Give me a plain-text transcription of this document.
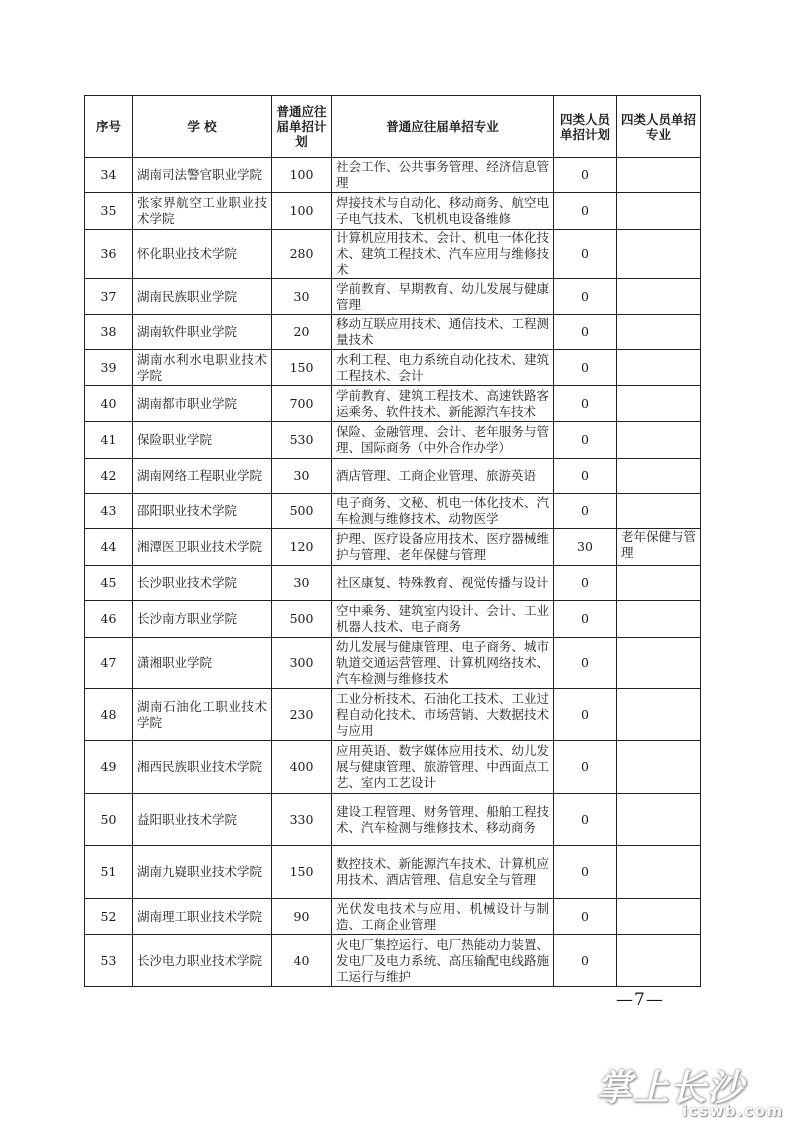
序号	学 校	普通应往届单招计划	普通应往届单招专业	四类人员单招计划	四类人员单招专业
34	湖南司法警官职业学院	100	社会工作、公共事务管理、经济信息管理	0	
35	张家界航空工业职业技术学院	100	焊接技术与自动化、移动商务、航空电子电气技术、飞机机电设备维修	0	
36	怀化职业技术学院	280	计算机应用技术、会计、机电一体化技术、建筑工程技术、汽车应用与维修技术	0	
37	湖南民族职业学院	30	学前教育、早期教育、幼儿发展与健康管理	0	
38	湖南软件职业学院	20	移动互联应用技术、通信技术、工程测量技术	0	
39	湖南水利水电职业技术学院	150	水利工程、电力系统自动化技术、建筑工程技术、会计	0	
40	湖南都市职业学院	700	学前教育、建筑工程技术、高速铁路客运乘务、软件技术、新能源汽车技术	0	
41	保险职业学院	530	保险、金融管理、会计、老年服务与管理、国际商务（中外合作办学）	0	
42	湖南网络工程职业学院	30	酒店管理、工商企业管理、旅游英语	0	
43	邵阳职业技术学院	500	电子商务、文秘、机电一体化技术、汽车检测与维修技术、动物医学	0	
44	湘潭医卫职业技术学院	120	护理、医疗设备应用技术、医疗器械维护与管理、老年保健与管理	30	老年保健与管理
45	长沙职业技术学院	30	社区康复、特殊教育、视觉传播与设计	0	
46	长沙南方职业学院	500	空中乘务、建筑室内设计、会计、工业机器人技术、电子商务	0	
47	潇湘职业学院	300	幼儿发展与健康管理、电子商务、城市轨道交通运营管理、计算机网络技术、汽车检测与维修技术	0	
48	湖南石油化工职业技术学院	230	工业分析技术、石油化工技术、工业过程自动化技术、市场营销、大数据技术与应用	0	
49	湘西民族职业技术学院	400	应用英语、数字媒体应用技术、幼儿发展与健康管理、旅游管理、中西面点工艺、室内工艺设计	0	
50	益阳职业技术学院	330	建设工程管理、财务管理、船舶工程技术、汽车检测与维修技术、移动商务	0	
51	湖南九嶷职业技术学院	150	数控技术、新能源汽车技术、计算机应用技术、酒店管理、信息安全与管理	0	
52	湖南理工职业技术学院	90	光伏发电技术与应用、机械设计与制造、工商企业管理	0	
53	长沙电力职业技术学院	40	火电厂集控运行、电厂热能动力装置、发电厂及电力系统、高压输配电线路施工运行与维护	0	
—7—
掌上长沙
icswb.com
